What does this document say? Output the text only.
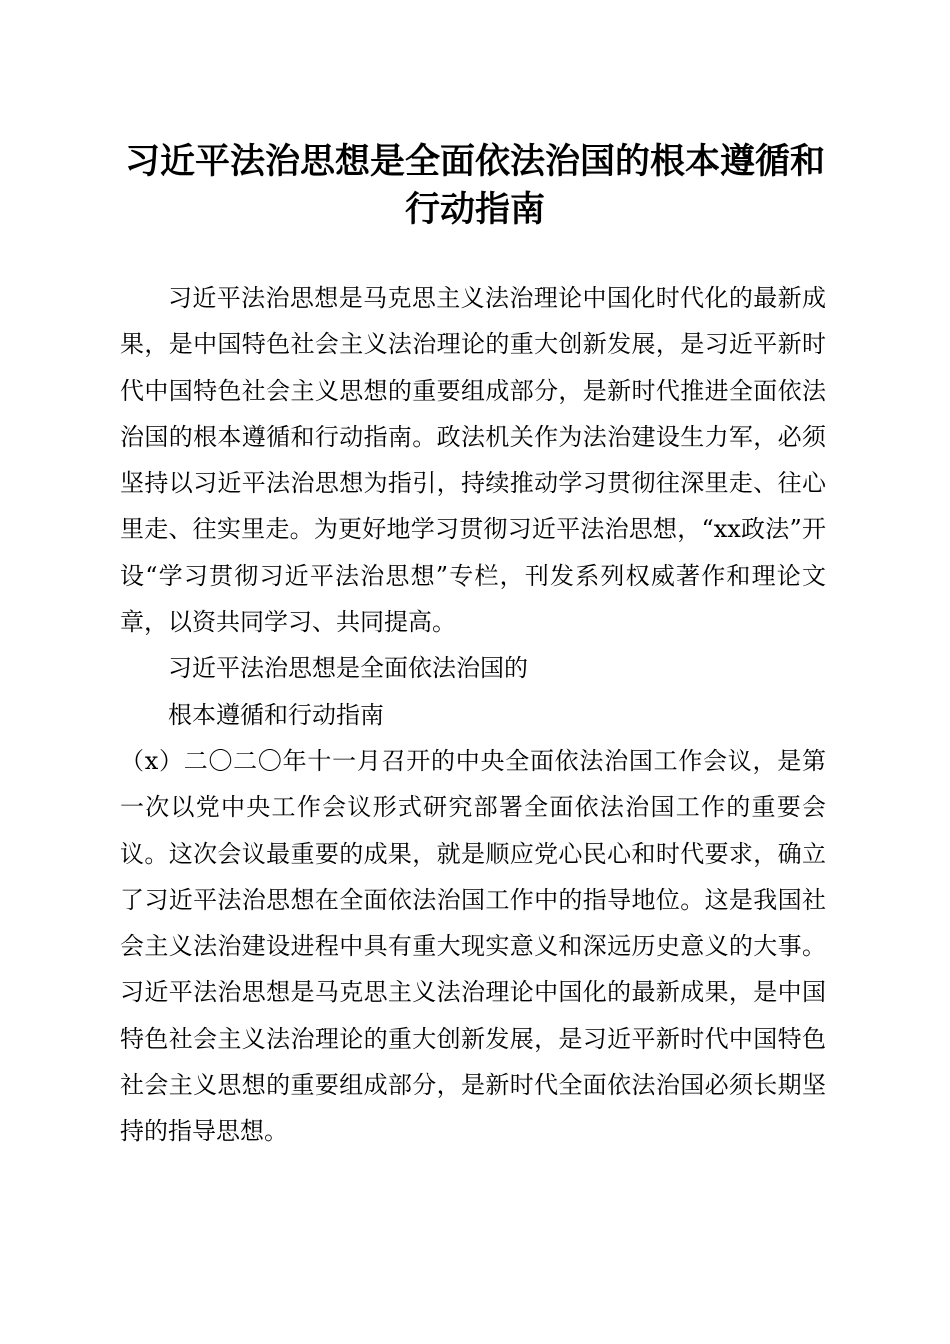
习近平法治思想是全面依法治国的根本遵循和行动指南

习近平法治思想是马克思主义法治理论中国化时代化的最新成果，是中国特色社会主义法治理论的重大创新发展，是习近平新时代中国特色社会主义思想的重要组成部分，是新时代推进全面依法治国的根本遵循和行动指南。政法机关作为法治建设生力军，必须坚持以习近平法治思想为指引，持续推动学习贯彻往深里走、往心里走、往实里走。为更好地学习贯彻习近平法治思想，“xx政法”开设“学习贯彻习近平法治思想”专栏，刊发系列权威著作和理论文章，以资共同学习、共同提高。

习近平法治思想是全面依法治国的

根本遵循和行动指南

（x）二〇二〇年十一月召开的中央全面依法治国工作会议，是第一次以党中央工作会议形式研究部署全面依法治国工作的重要会议。这次会议最重要的成果，就是顺应党心民心和时代要求，确立了习近平法治思想在全面依法治国工作中的指导地位。这是我国社会主义法治建设进程中具有重大现实意义和深远历史意义的大事。习近平法治思想是马克思主义法治理论中国化的最新成果，是中国特色社会主义法治理论的重大创新发展，是习近平新时代中国特色社会主义思想的重要组成部分，是新时代全面依法治国必须长期坚持的指导思想。
